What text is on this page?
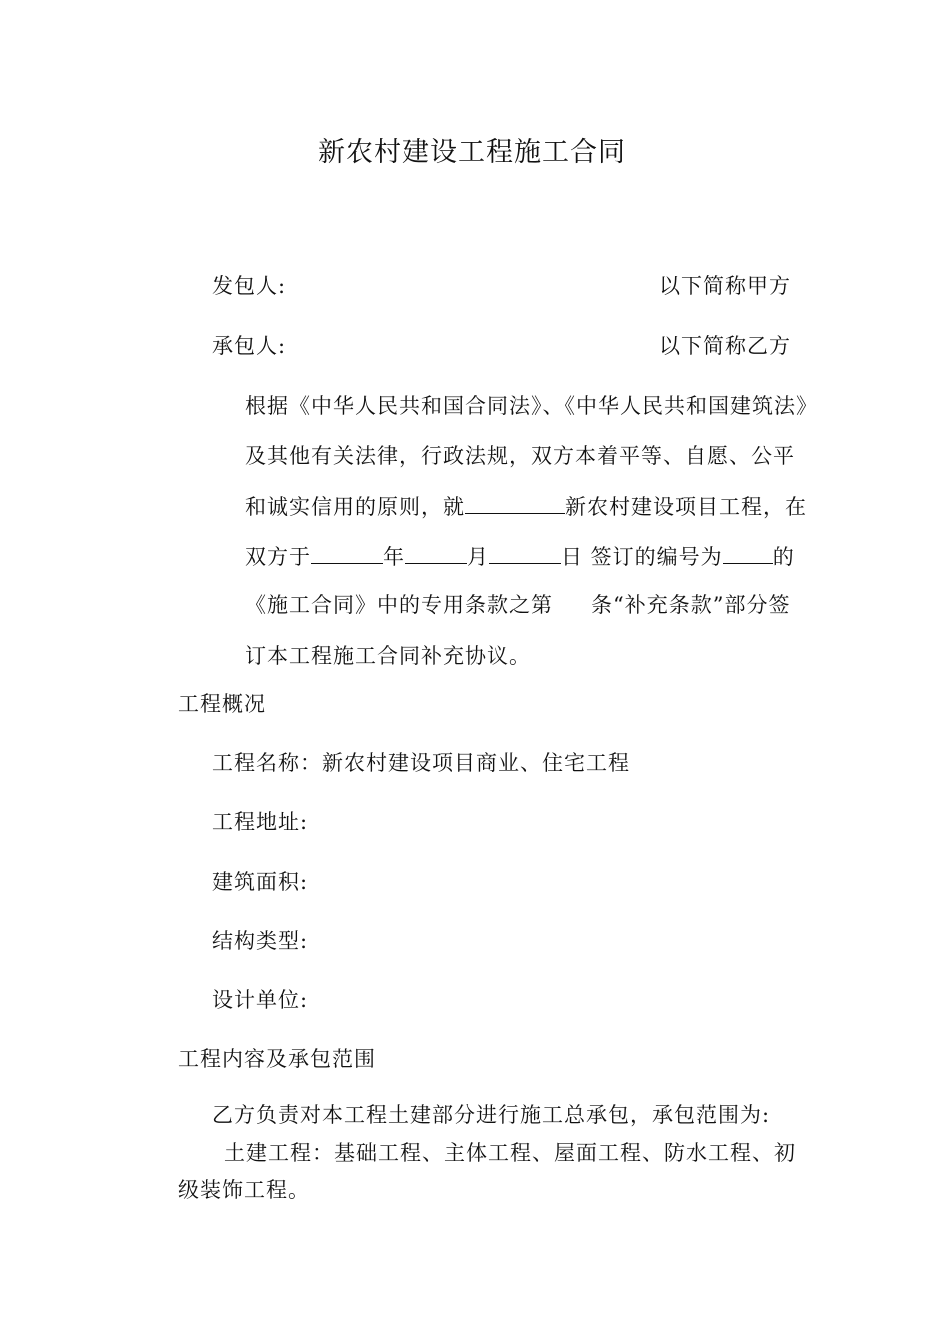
新农村建设工程施工合同
发包人:	以下简称甲方
承包人:	以下简称乙方
根据《中华人民共和国合同法》、《中华人民共和国建筑法》
及其他有关法律，行政法规，双方本着平等、自愿、公平
和诚实信用的原则，就	新农村建设项目工程，在
双方于	年	月	日 签订的编号为 的
《施工合同》中的专用条款之第 条“补充条款”部分签
订本工程施工合同补充协议。
工程概况
工程名称：新农村建设项目商业、住宅工程
工程地址:
建筑面积:
结构类型:
设计单位:
工程内容及承包范围
乙方负责对本工程土建部分进行施工总承包，承包范围为:
土建工程：基础工程、主体工程、屋面工程、防水工程、初
级装饰工程。
